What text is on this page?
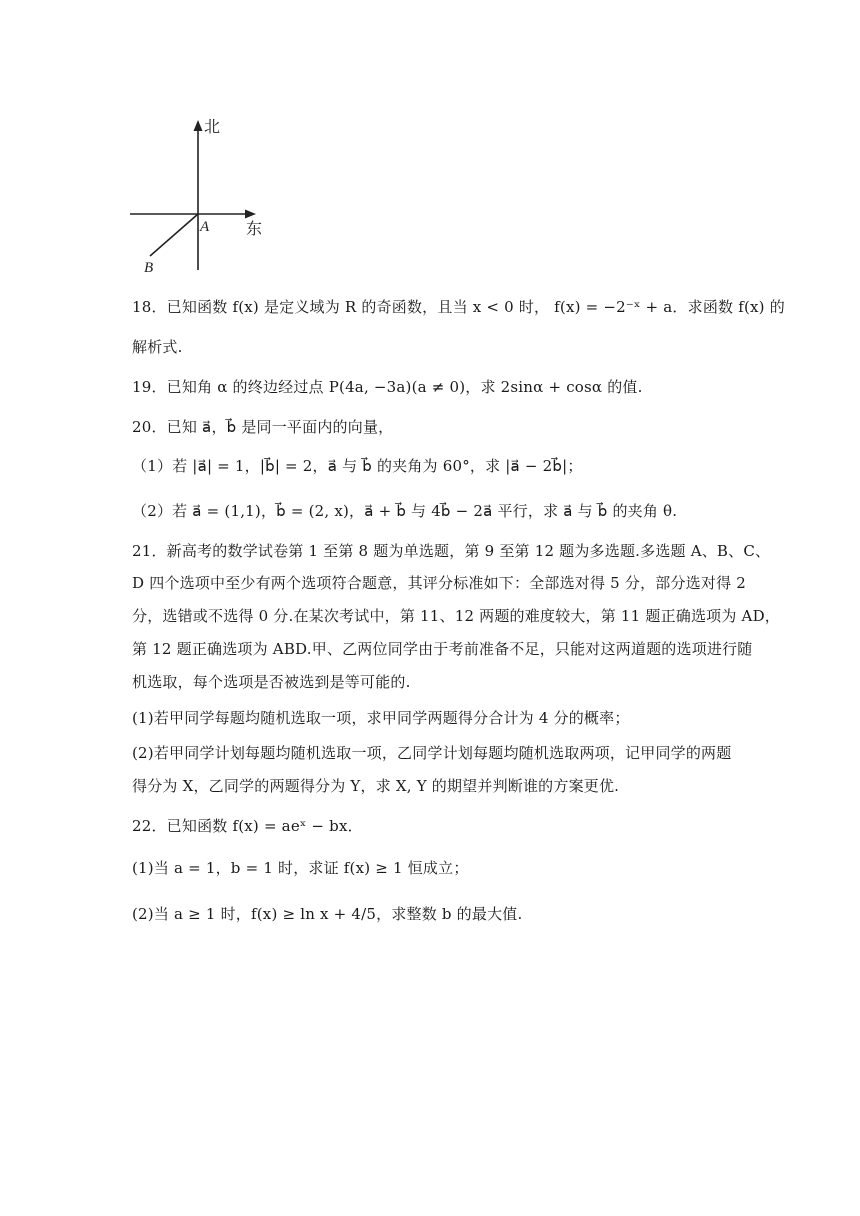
北
东
A
B
18．已知函数 f(x) 是定义域为 R 的奇函数，且当 x < 0 时， f(x) = −2⁻ˣ + a．求函数 f(x) 的
解析式.
19．已知角 α 的终边经过点 P(4a, −3a)(a ≠ 0)，求 2sinα + cosα 的值.
20．已知 a⃗，b⃗ 是同一平面内的向量，
（1）若 |a⃗| = 1，|b⃗| = 2，a⃗ 与 b⃗ 的夹角为 60°，求 |a⃗ − 2b⃗|；
（2）若 a⃗ = (1,1)，b⃗ = (2, x)，a⃗ + b⃗ 与 4b⃗ − 2a⃗ 平行，求 a⃗ 与 b⃗ 的夹角 θ.
21．新高考的数学试卷第 1 至第 8 题为单选题，第 9 至第 12 题为多选题.多选题 A、B、C、
D 四个选项中至少有两个选项符合题意，其评分标准如下：全部选对得 5 分，部分选对得 2
分，选错或不选得 0 分.在某次考试中，第 11、12 两题的难度较大，第 11 题正确选项为 AD，
第 12 题正确选项为 ABD.甲、乙两位同学由于考前准备不足，只能对这两道题的选项进行随
机选取，每个选项是否被选到是等可能的.
(1)若甲同学每题均随机选取一项，求甲同学两题得分合计为 4 分的概率；
(2)若甲同学计划每题均随机选取一项，乙同学计划每题均随机选取两项，记甲同学的两题
得分为 X，乙同学的两题得分为 Y，求 X, Y 的期望并判断谁的方案更优.
22．已知函数 f(x) = aeˣ − bx．
(1)当 a = 1，b = 1 时，求证 f(x) ≥ 1 恒成立；
(2)当 a ≥ 1 时，f(x) ≥ ln x + 4/5，求整数 b 的最大值.
